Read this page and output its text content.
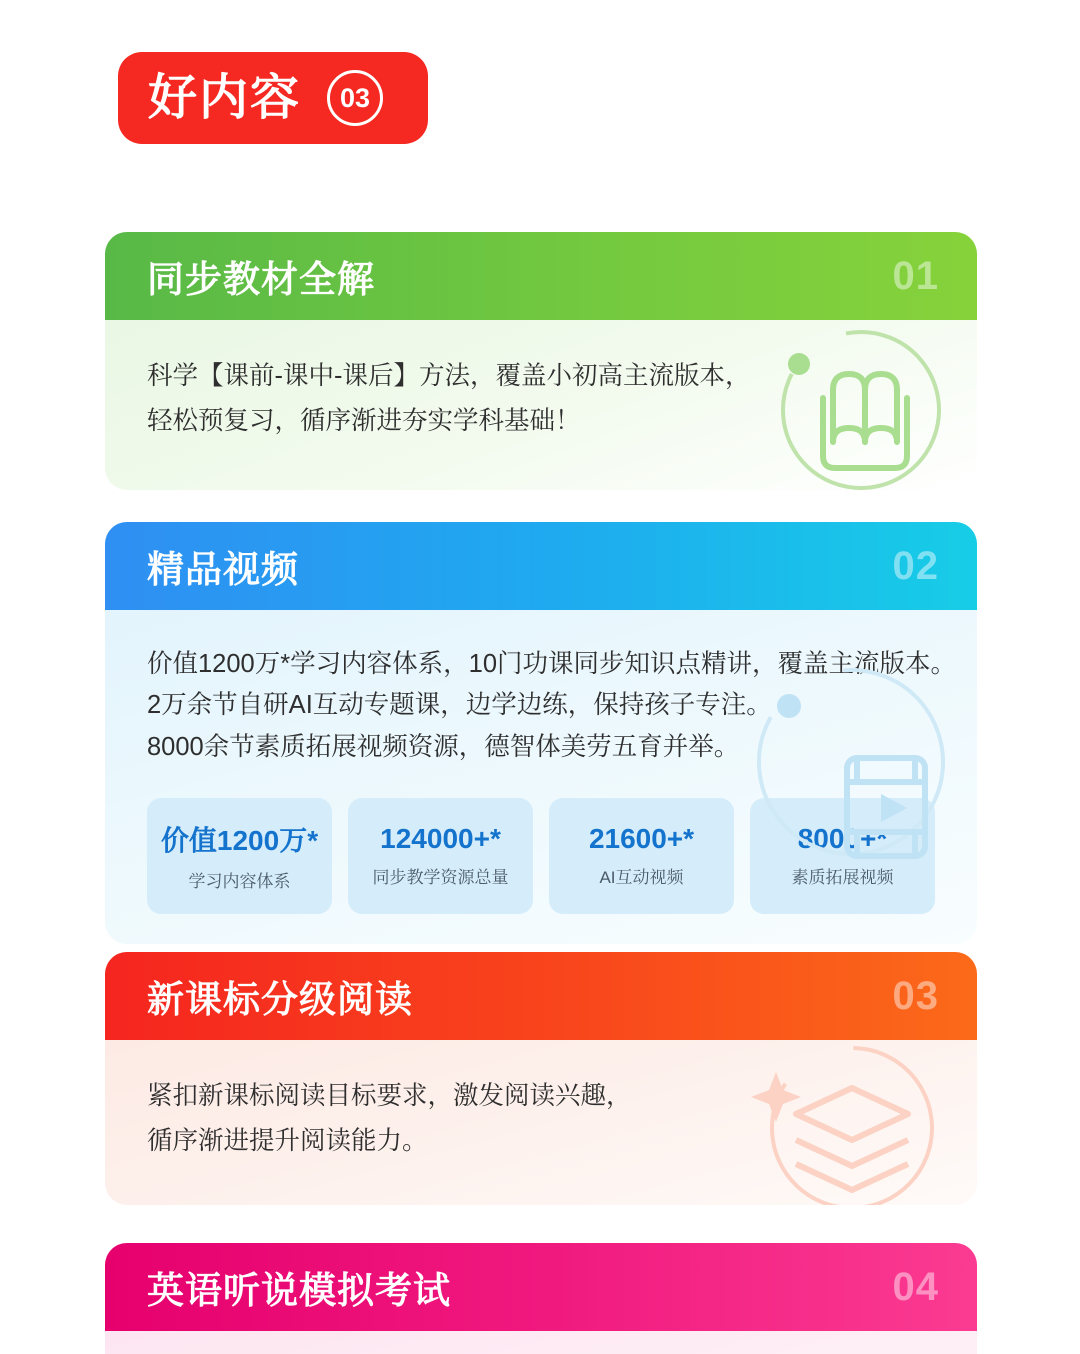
好内容	03
同步教材全解	01
科学【课前-课中-课后】方法，覆盖小初高主流版本，
轻松预复习，循序渐进夯实学科基础！
精品视频	02
价值1200万*学习内容体系，10门功课同步知识点精讲，覆盖主流版本。
2万余节自研AI互动专题课，边学边练，保持孩子专注。
8000余节素质拓展视频资源，德智体美劳五育并举。
价值1200万*
学习内容体系
124000+*
同步教学资源总量
21600+*
AI互动视频
8000+*
素质拓展视频
新课标分级阅读	03
紧扣新课标阅读目标要求，激发阅读兴趣，
循序渐进提升阅读能力。
英语听说模拟考试	04
